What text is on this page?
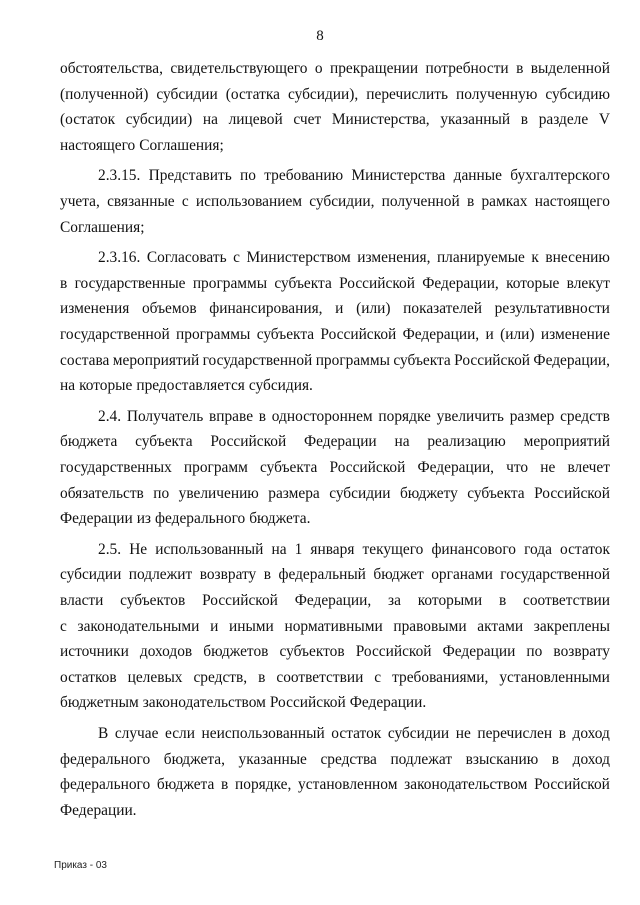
8
обстоятельства, свидетельствующего о прекращении потребности в выделенной
(полученной) субсидии (остатка субсидии), перечислить полученную субсидию
(остаток субсидии) на лицевой счет Министерства, указанный в разделе V
настоящего Соглашения;
2.3.15. Представить по требованию Министерства данные бухгалтерского
учета, связанные с использованием субсидии, полученной в рамках настоящего
Соглашения;
2.3.16. Согласовать с Министерством изменения, планируемые к внесению
в государственные программы субъекта Российской Федерации, которые влекут
изменения объемов финансирования, и (или) показателей результативности
государственной программы субъекта Российской Федерации, и (или) изменение
состава мероприятий государственной программы субъекта Российской Федерации,
на которые предоставляется субсидия.
2.4. Получатель вправе в одностороннем порядке увеличить размер средств
бюджета субъекта Российской Федерации на реализацию мероприятий
государственных программ субъекта Российской Федерации, что не влечет
обязательств по увеличению размера субсидии бюджету субъекта Российской
Федерации из федерального бюджета.
2.5. Не использованный на 1 января текущего финансового года остаток
субсидии подлежит возврату в федеральный бюджет органами государственной
власти субъектов Российской Федерации, за которыми в соответствии
с законодательными и иными нормативными правовыми актами закреплены
источники доходов бюджетов субъектов Российской Федерации по возврату
остатков целевых средств, в соответствии с требованиями, установленными
бюджетным законодательством Российской Федерации.
В случае если неиспользованный остаток субсидии не перечислен в доход
федерального бюджета, указанные средства подлежат взысканию в доход
федерального бюджета в порядке, установленном законодательством Российской
Федерации.
Приказ - 03
